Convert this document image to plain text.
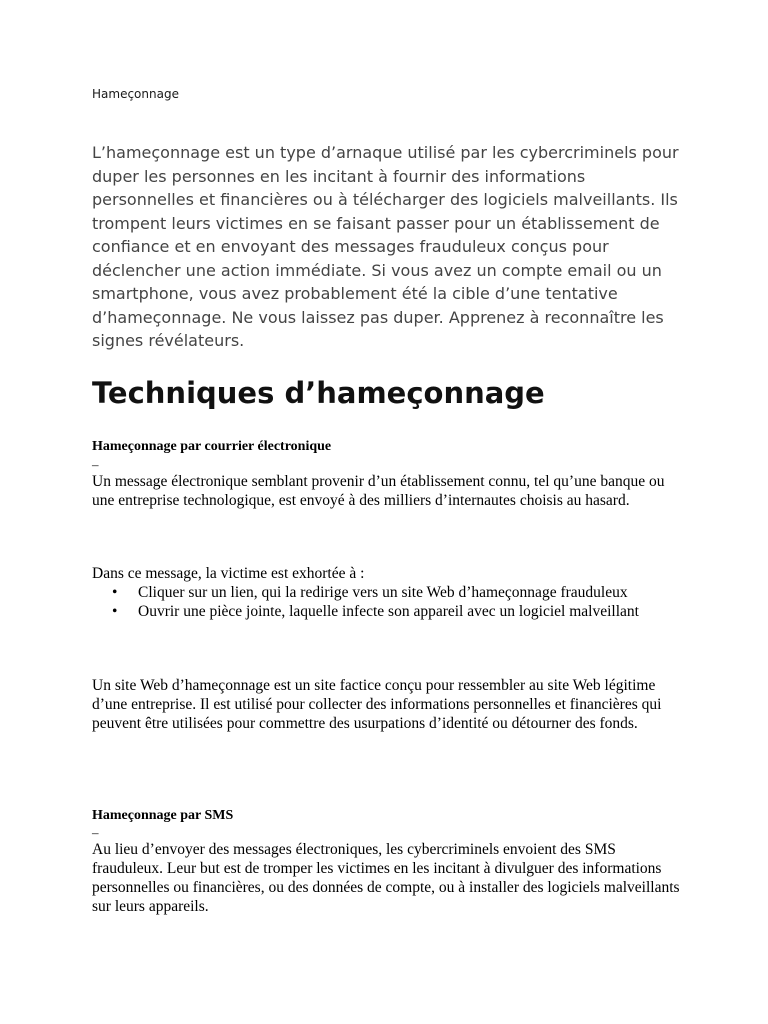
Hameçonnage

L’hameçonnage est un type d’arnaque utilisé par les cybercriminels pour duper les personnes en les incitant à fournir des informations personnelles et financières ou à télécharger des logiciels malveillants. Ils trompent leurs victimes en se faisant passer pour un établissement de confiance et en envoyant des messages frauduleux conçus pour déclencher une action immédiate. Si vous avez un compte email ou un smartphone, vous avez probablement été la cible d’une tentative d’hameçonnage. Ne vous laissez pas duper. Apprenez à reconnaître les signes révélateurs.

Techniques d’hameçonnage

Hameçonnage par courrier électronique

–

Un message électronique semblant provenir d’un établissement connu, tel qu’une banque ou une entreprise technologique, est envoyé à des milliers d’internautes choisis au hasard.

Dans ce message, la victime est exhortée à :

• Cliquer sur un lien, qui la redirige vers un site Web d’hameçonnage frauduleux
• Ouvrir une pièce jointe, laquelle infecte son appareil avec un logiciel malveillant

Un site Web d’hameçonnage est un site factice conçu pour ressembler au site Web légitime d’une entreprise. Il est utilisé pour collecter des informations personnelles et financières qui peuvent être utilisées pour commettre des usurpations d’identité ou détourner des fonds.

Hameçonnage par SMS

–

Au lieu d’envoyer des messages électroniques, les cybercriminels envoient des SMS frauduleux. Leur but est de tromper les victimes en les incitant à divulguer des informations personnelles ou financières, ou des données de compte, ou à installer des logiciels malveillants sur leurs appareils.
